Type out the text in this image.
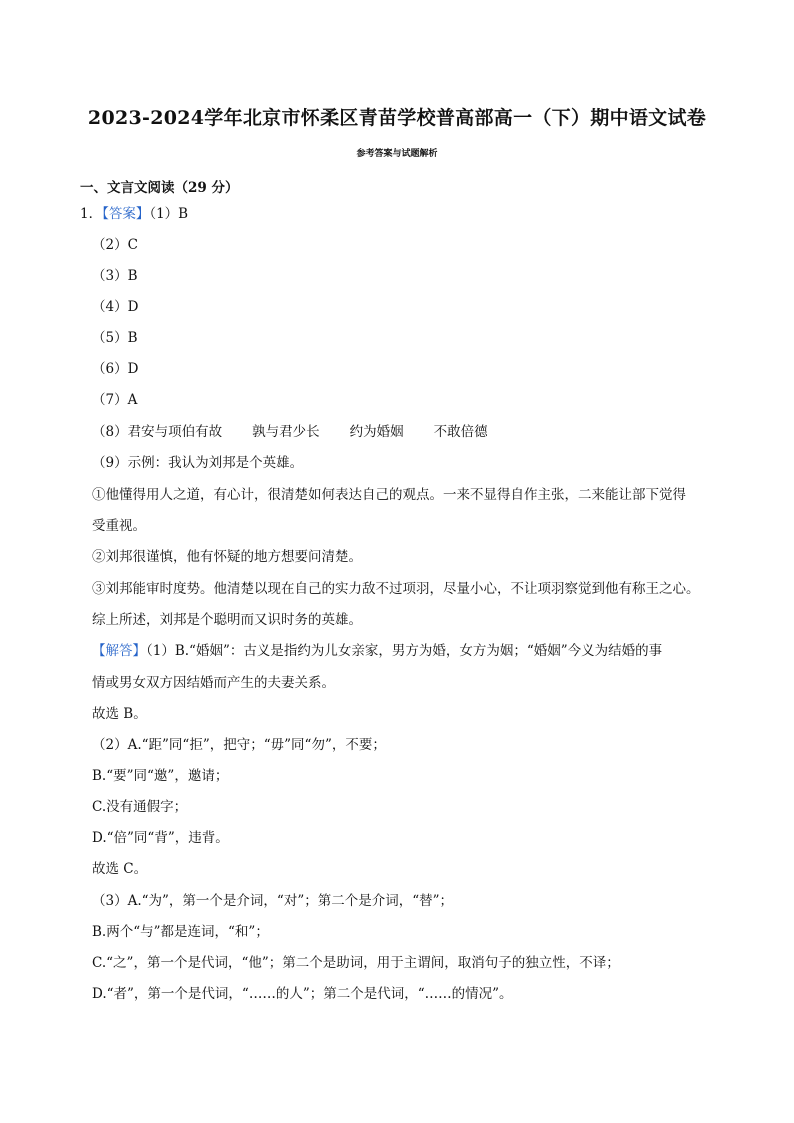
2023-2024学年北京市怀柔区青苗学校普高部高一（下）期中语文试卷
参考答案与试题解析
一、文言文阅读（29 分）
1．【答案】（1）B
（2）C
（3）B
（4）D
（5）B
（6）D
（7）A
（8）君安与项伯有故 孰与君少长 约为婚姻 不敢倍德
（9）示例：我认为刘邦是个英雄。
①他懂得用人之道，有心计，很清楚如何表达自己的观点。一来不显得自作主张，二来能让部下觉得
受重视。
②刘邦很谨慎，他有怀疑的地方想要问清楚。
③刘邦能审时度势。他清楚以现在自己的实力敌不过项羽，尽量小心，不让项羽察觉到他有称王之心。
综上所述，刘邦是个聪明而又识时务的英雄。
【解答】（1）B.“婚姻”：古义是指约为儿女亲家，男方为婚，女方为姻；“婚姻”今义为结婚的事
情或男女双方因结婚而产生的夫妻关系。
故选 B。
（2）A.“距”同“拒”，把守；“毋”同“勿”，不要；
B.“要”同“邀”，邀请；
C.没有通假字；
D.“倍”同“背”，违背。
故选 C。
（3）A.“为”，第一个是介词，“对”；第二个是介词，“替”；
B.两个“与”都是连词，“和”；
C.“之”，第一个是代词，“他”；第二个是助词，用于主谓间，取消句子的独立性，不译；
D.“者”，第一个是代词，“……的人”；第二个是代词，“……的情况”。
